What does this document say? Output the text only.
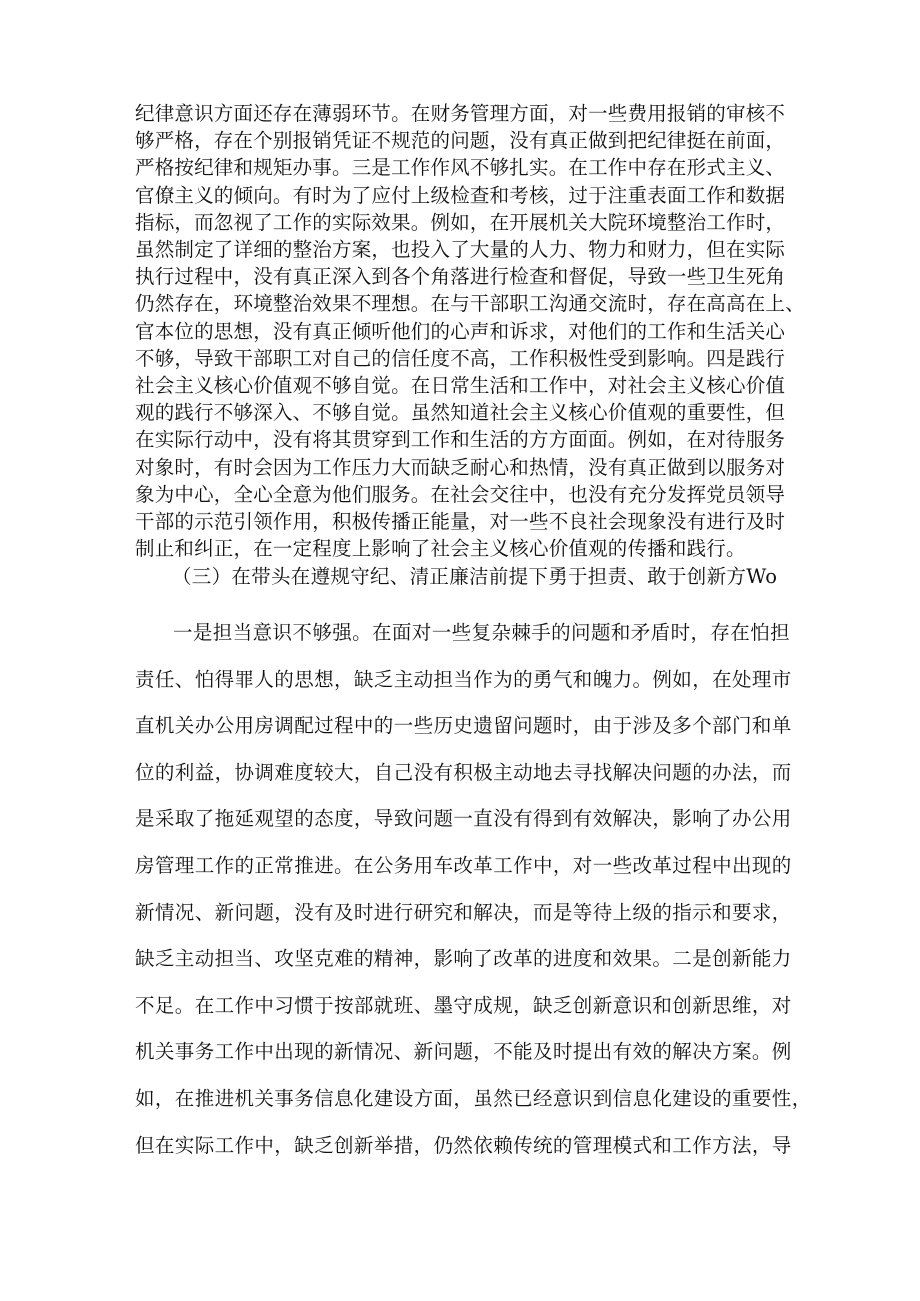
纪律意识方面还存在薄弱环节。在财务管理方面，对一些费用报销的审核不
够严格，存在个别报销凭证不规范的问题，没有真正做到把纪律挺在前面，
严格按纪律和规矩办事。三是工作作风不够扎实。在工作中存在形式主义、
官僚主义的倾向。有时为了应付上级检查和考核，过于注重表面工作和数据
指标，而忽视了工作的实际效果。例如，在开展机关大院环境整治工作时，
虽然制定了详细的整治方案，也投入了大量的人力、物力和财力，但在实际
执行过程中，没有真正深入到各个角落进行检查和督促，导致一些卫生死角
仍然存在，环境整治效果不理想。在与干部职工沟通交流时，存在高高在上、
官本位的思想，没有真正倾听他们的心声和诉求，对他们的工作和生活关心
不够，导致干部职工对自己的信任度不高，工作积极性受到影响。四是践行
社会主义核心价值观不够自觉。在日常生活和工作中，对社会主义核心价值
观的践行不够深入、不够自觉。虽然知道社会主义核心价值观的重要性，但
在实际行动中，没有将其贯穿到工作和生活的方方面面。例如，在对待服务
对象时，有时会因为工作压力大而缺乏耐心和热情，没有真正做到以服务对
象为中心，全心全意为他们服务。在社会交往中，也没有充分发挥党员领导
干部的示范引领作用，积极传播正能量，对一些不良社会现象没有进行及时
制止和纠正，在一定程度上影响了社会主义核心价值观的传播和践行。
（三）在带头在遵规守纪、清正廉洁前提下勇于担责、敢于创新方Wo
一是担当意识不够强。在面对一些复杂棘手的问题和矛盾时，存在怕担
责任、怕得罪人的思想，缺乏主动担当作为的勇气和魄力。例如，在处理市
直机关办公用房调配过程中的一些历史遗留问题时，由于涉及多个部门和单
位的利益，协调难度较大，自己没有积极主动地去寻找解决问题的办法，而
是采取了拖延观望的态度，导致问题一直没有得到有效解决，影响了办公用
房管理工作的正常推进。在公务用车改革工作中，对一些改革过程中出现的
新情况、新问题，没有及时进行研究和解决，而是等待上级的指示和要求，
缺乏主动担当、攻坚克难的精神，影响了改革的进度和效果。二是创新能力
不足。在工作中习惯于按部就班、墨守成规，缺乏创新意识和创新思维，对
机关事务工作中出现的新情况、新问题，不能及时提出有效的解决方案。例
如，在推进机关事务信息化建设方面，虽然已经意识到信息化建设的重要性，
但在实际工作中，缺乏创新举措，仍然依赖传统的管理模式和工作方法，导
